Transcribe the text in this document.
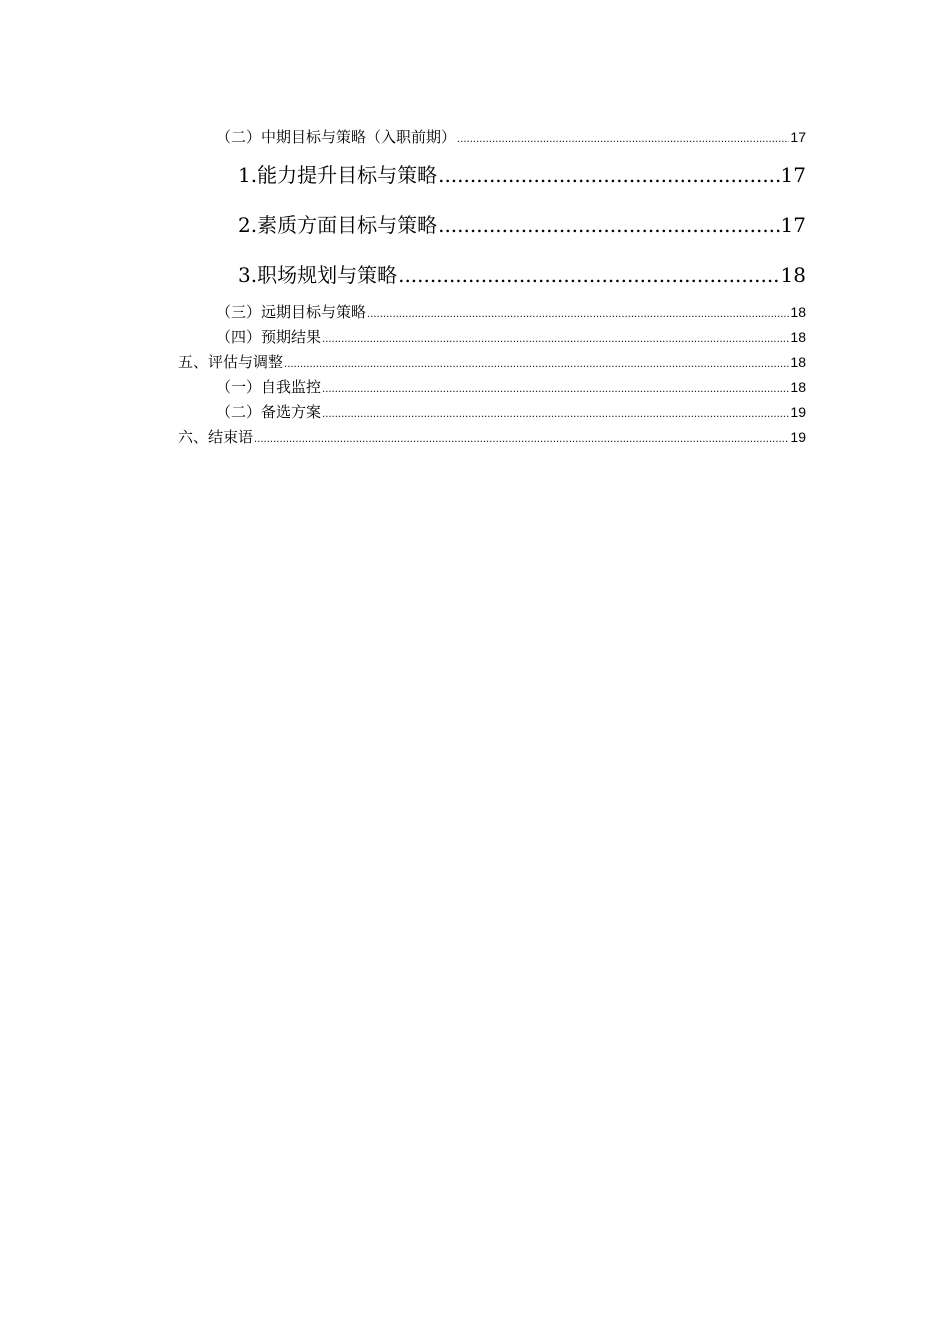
（二）中期目标与策略（入职前期） .....	17
1.能力提升目标与策略 .....	17
2.素质方面目标与策略 .....	17
3.职场规划与策略 .....	18
（三）远期目标与策略 .....	18
（四）预期结果 .....	18
五、评估与调整 .....	18
（一）自我监控 .....	18
（二）备选方案 .....	19
六、结束语 .....	19
